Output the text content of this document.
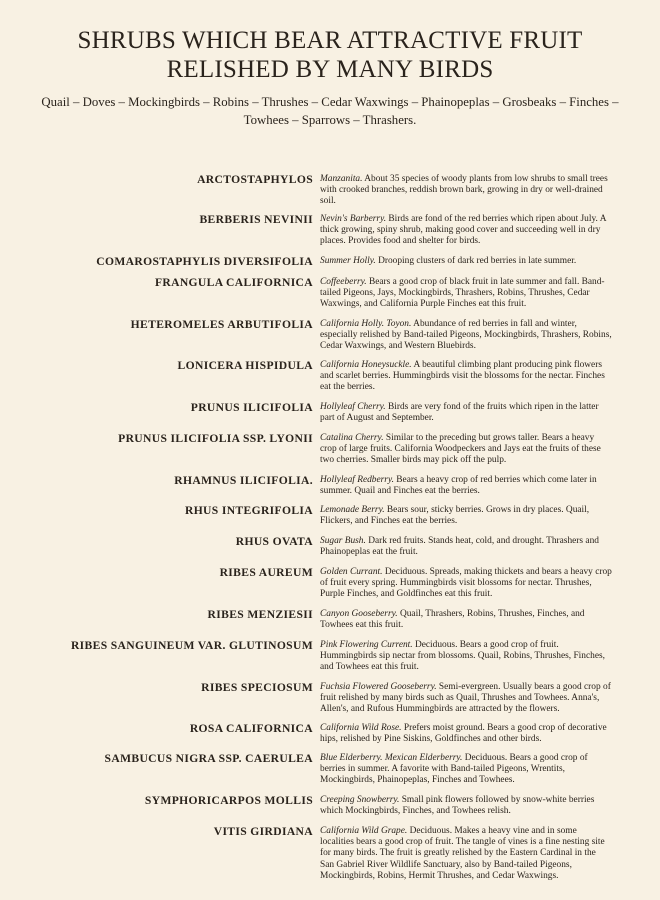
SHRUBS WHICH BEAR ATTRACTIVE FRUIT
RELISHED BY MANY BIRDS
Quail – Doves – Mockingbirds – Robins – Thrushes – Cedar Waxwings – Phainopeplas – Grosbeaks – Finches – Towhees – Sparrows – Thrashers.
ARCTOSTAPHYLOS Manzanita. About 35 species of woody plants from low shrubs to small trees with crooked branches, reddish brown bark, growing in dry or well-drained soil.
BERBERIS NEVINII Nevin's Barberry. Birds are fond of the red berries which ripen about July. A thick growing, spiny shrub, making good cover and succeeding well in dry places. Provides food and shelter for birds.
COMAROSTAPHYLIS DIVERSIFOLIA Summer Holly. Drooping clusters of dark red berries in late summer.
FRANGULA CALIFORNICA Coffeeberry. Bears a good crop of black fruit in late summer and fall. Band-tailed Pigeons, Jays, Mockingbirds, Thrashers, Robins, Thrushes, Cedar Waxwings, and California Purple Finches eat this fruit.
HETEROMELES ARBUTIFOLIA California Holly. Toyon. Abundance of red berries in fall and winter, especially relished by Band-tailed Pigeons, Mockingbirds, Thrashers, Robins, Cedar Waxwings, and Western Bluebirds.
LONICERA HISPIDULA California Honeysuckle. A beautiful climbing plant producing pink flowers and scarlet berries. Hummingbirds visit the blossoms for the nectar. Finches eat the berries.
PRUNUS ILICIFOLIA Hollyleaf Cherry. Birds are very fond of the fruits which ripen in the latter part of August and September.
PRUNUS ILICIFOLIA SSP. LYONII Catalina Cherry. Similar to the preceding but grows taller. Bears a heavy crop of large fruits. California Woodpeckers and Jays eat the fruits of these two cherries. Smaller birds may pick off the pulp.
RHAMNUS ILICIFOLIA. Hollyleaf Redberry. Bears a heavy crop of red berries which come later in summer. Quail and Finches eat the berries.
RHUS INTEGRIFOLIA Lemonade Berry. Bears sour, sticky berries. Grows in dry places. Quail, Flickers, and Finches eat the berries.
RHUS OVATA Sugar Bush. Dark red fruits. Stands heat, cold, and drought. Thrashers and Phainopeplas eat the fruit.
RIBES AUREUM Golden Currant. Deciduous. Spreads, making thickets and bears a heavy crop of fruit every spring. Hummingbirds visit blossoms for nectar. Thrushes, Purple Finches, and Goldfinches eat this fruit.
RIBES MENZIESII Canyon Gooseberry. Quail, Thrashers, Robins, Thrushes, Finches, and Towhees eat this fruit.
RIBES SANGUINEUM VAR. GLUTINOSUM Pink Flowering Current. Deciduous. Bears a good crop of fruit. Hummingbirds sip nectar from blossoms. Quail, Robins, Thrushes, Finches, and Towhees eat this fruit.
RIBES SPECIOSUM Fuchsia Flowered Gooseberry. Semi-evergreen. Usually bears a good crop of fruit relished by many birds such as Quail, Thrushes and Towhees. Anna's, Allen's, and Rufous Hummingbirds are attracted by the flowers.
ROSA CALIFORNICA California Wild Rose. Prefers moist ground. Bears a good crop of decorative hips, relished by Pine Siskins, Goldfinches and other birds.
SAMBUCUS NIGRA SSP. CAERULEA Blue Elderberry. Mexican Elderberry. Deciduous. Bears a good crop of berries in summer. A favorite with Band-tailed Pigeons, Wrentits, Mockingbirds, Phainopeplas, Finches and Towhees.
SYMPHORICARPOS MOLLIS Creeping Snowberry. Small pink flowers followed by snow-white berries which Mockingbirds, Finches, and Towhees relish.
VITIS GIRDIANA California Wild Grape. Deciduous. Makes a heavy vine and in some localities bears a good crop of fruit. The tangle of vines is a fine nesting site for many birds. The fruit is greatly relished by the Eastern Cardinal in the San Gabriel River Wildlife Sanctuary, also by Band-tailed Pigeons, Mockingbirds, Robins, Hermit Thrushes, and Cedar Waxwings.
